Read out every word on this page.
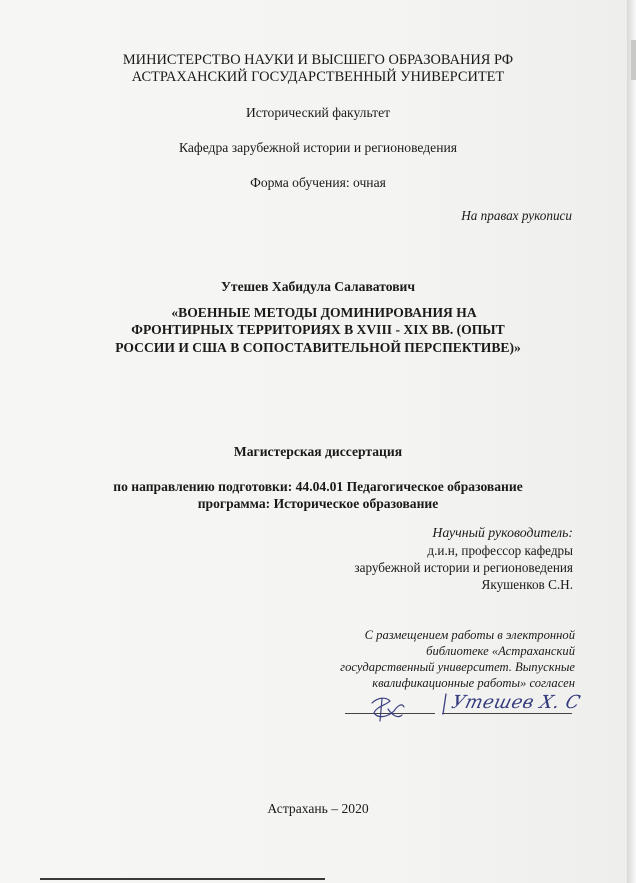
МИНИСТЕРСТВО НАУКИ И ВЫСШЕГО ОБРАЗОВАНИЯ РФ
АСТРАХАНСКИЙ ГОСУДАРСТВЕННЫЙ УНИВЕРСИТЕТ
Исторический факультет
Кафедра зарубежной истории и регионоведения
Форма обучения: очная
На правах рукописи
Утешев Хабидула Салаватович
«ВОЕННЫЕ МЕТОДЫ ДОМИНИРОВАНИЯ НА
ФРОНТИРНЫХ ТЕРРИТОРИЯХ В XVIII - XIX ВВ. (ОПЫТ
РОССИИ И США В СОПОСТАВИТЕЛЬНОЙ ПЕРСПЕКТИВЕ)»
Магистерская диссертация
по направлению подготовки: 44.04.01 Педагогическое образование
программа: Историческое образование
Научный руководитель:
д.и.н, профессор кафедры
зарубежной истории и регионоведения
Якушенков С.Н.
С размещением работы в электронной
библиотеке «Астраханский
государственный университет. Выпускные
квалификационные работы» согласен
Утешев Х. С
Астрахань – 2020
